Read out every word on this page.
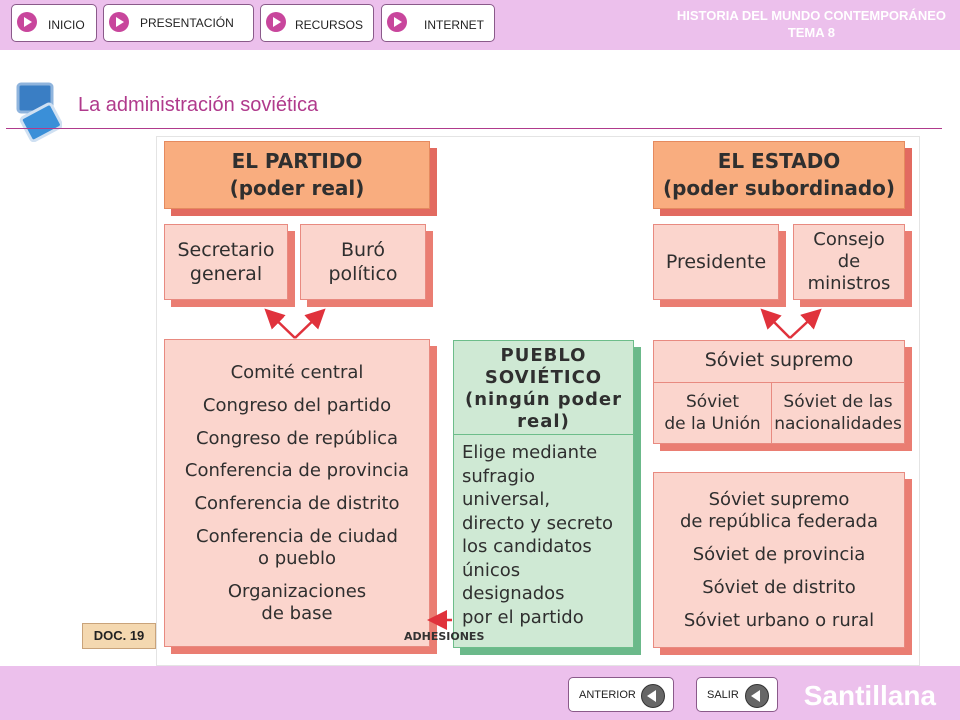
INICIO	PRESENTACIÓN	RECURSOS	INTERNET
HISTORIA DEL MUNDO CONTEMPORÁNEO
TEMA 8
La administración soviética
EL PARTIDO
(poder real)
Secretario
general
Buró
político
Comité central
Congreso del partido
Congreso de república
Conferencia de provincia
Conferencia de distrito
Conferencia de ciudad
o pueblo
Organizaciones
de base
PUEBLO
SOVIÉTICO
(ningún poder
real)
Elige mediante
sufragio
universal,
directo y secreto
los candidatos
únicos
designados
por el partido
EL ESTADO
(poder subordinado)
Presidente
Consejo
de
ministros
Sóviet supremo
Sóviet
de la Unión
Sóviet de las
nacionalidades
Sóviet supremo
de república federada
Sóviet de provincia
Sóviet de distrito
Sóviet urbano o rural
ADHESIONES
DOC. 19
ANTERIOR	SALIR Santillana
